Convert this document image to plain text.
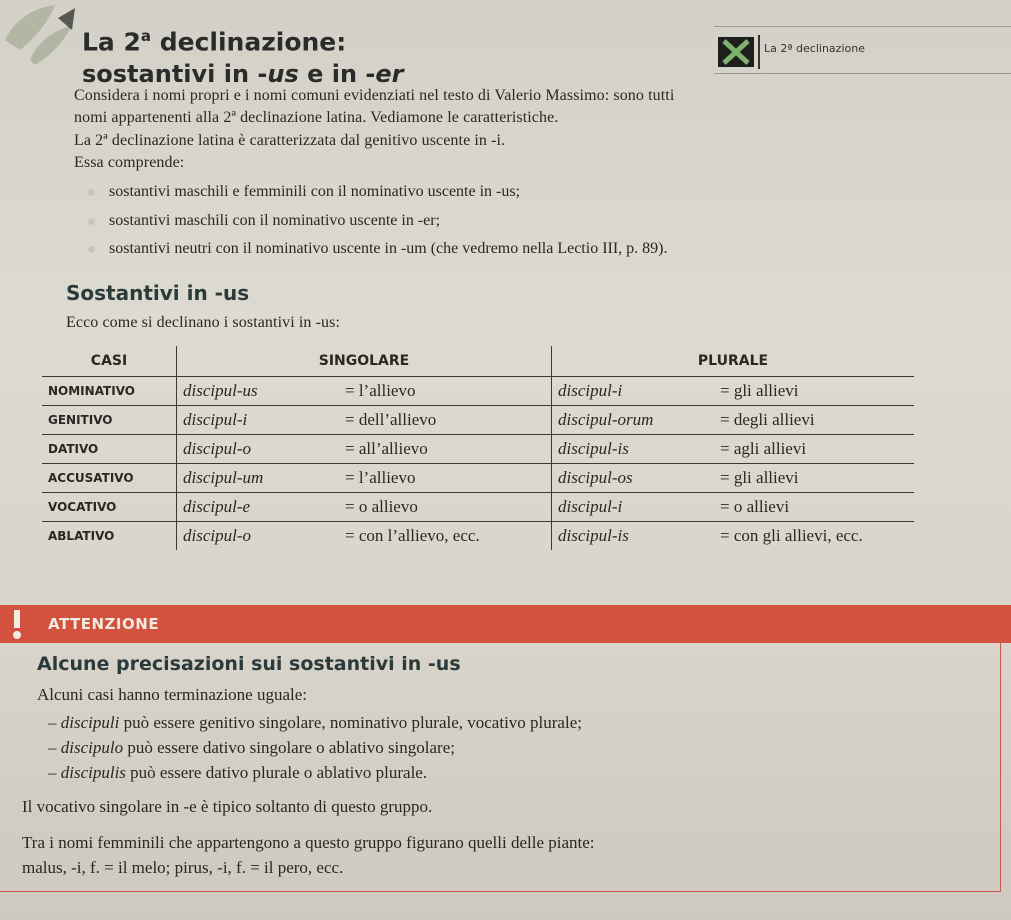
La 2$^a$ declinazione:
sostantivi in -us e in -er
La 2ª declinazione
Considera i nomi propri e i nomi comuni evidenziati nel testo di Valerio Massimo: sono tutti
nomi appartenenti alla 2ª declinazione latina. Vediamone le caratteristiche.
La 2ª declinazione latina è caratterizzata dal genitivo uscente in -i.
Essa comprende:
sostantivi maschili e femminili con il nominativo uscente in -us;
sostantivi maschili con il nominativo uscente in -er;
sostantivi neutri con il nominativo uscente in -um (che vedremo nella Lectio III, p. 89).
Sostantivi in -us
Ecco come si declinano i sostantivi in -us:
CASI	SINGOLARE		PLURALE	
NOMINATIVO	discipul-us	= l’allievo	discipul-i	= gli allievi
GENITIVO	discipul-i	= dell’allievo	discipul-orum	= degli allievi
DATIVO	discipul-o	= all’allievo	discipul-is	= agli allievi
ACCUSATIVO	discipul-um	= l’allievo	discipul-os	= gli allievi
VOCATIVO	discipul-e	= o allievo	discipul-i	= o allievi
ABLATIVO	discipul-o	= con l’allievo, ecc.	discipul-is	= con gli allievi, ecc.
ATTENZIONE
Alcune precisazioni sui sostantivi in -us
Alcuni casi hanno terminazione uguale:
– discipuli può essere genitivo singolare, nominativo plurale, vocativo plurale;
– discipulo può essere dativo singolare o ablativo singolare;
– discipulis può essere dativo plurale o ablativo plurale.
Il vocativo singolare in -e è tipico soltanto di questo gruppo.
Tra i nomi femminili che appartengono a questo gruppo figurano quelli delle piante:
malus, -i, f. = il melo; pirus, -i, f. = il pero, ecc.
